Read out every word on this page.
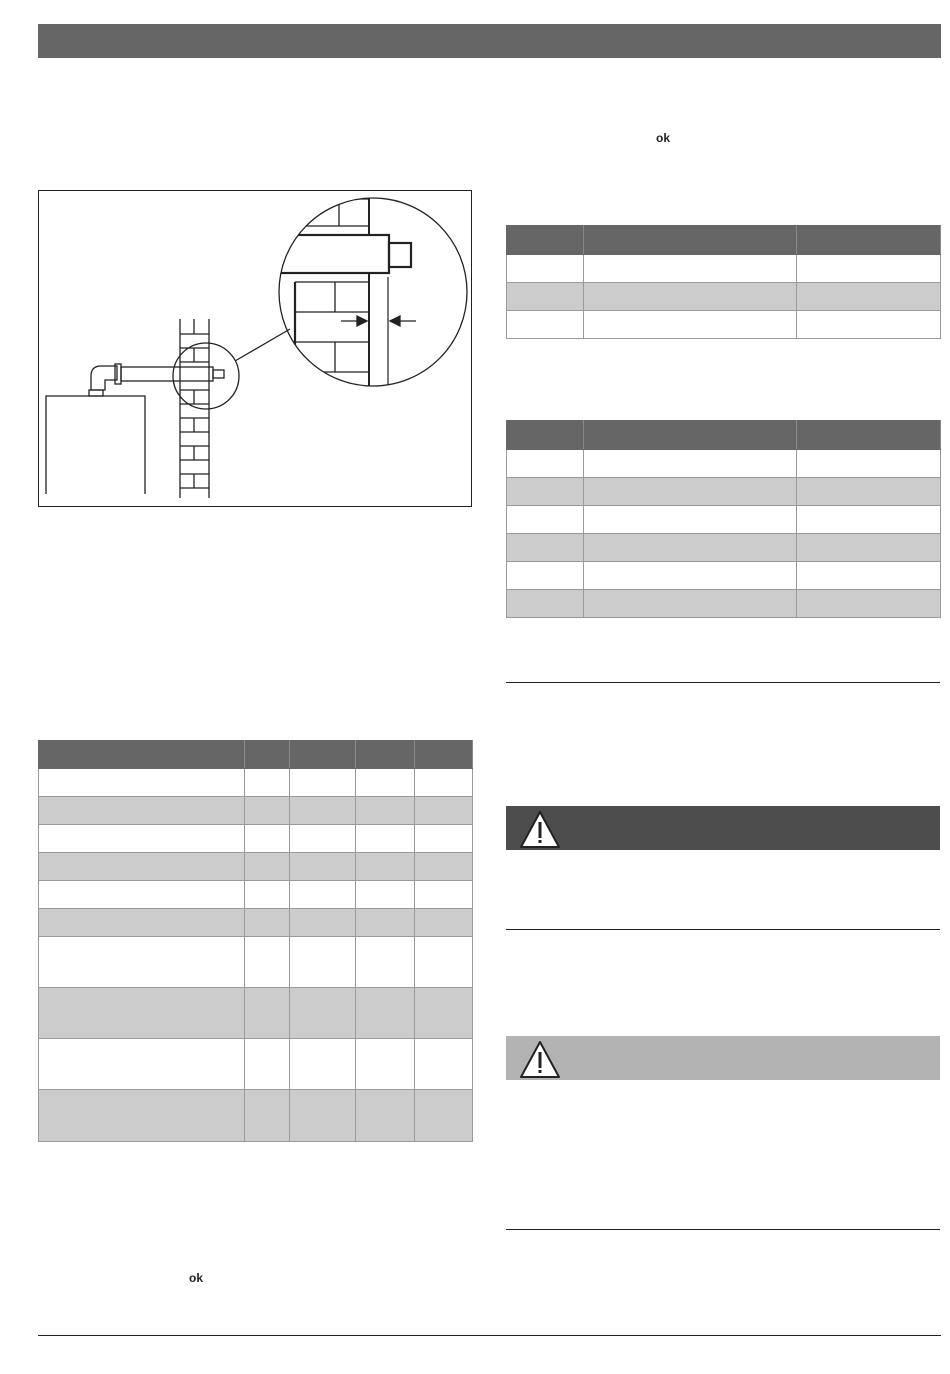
ok
ok
